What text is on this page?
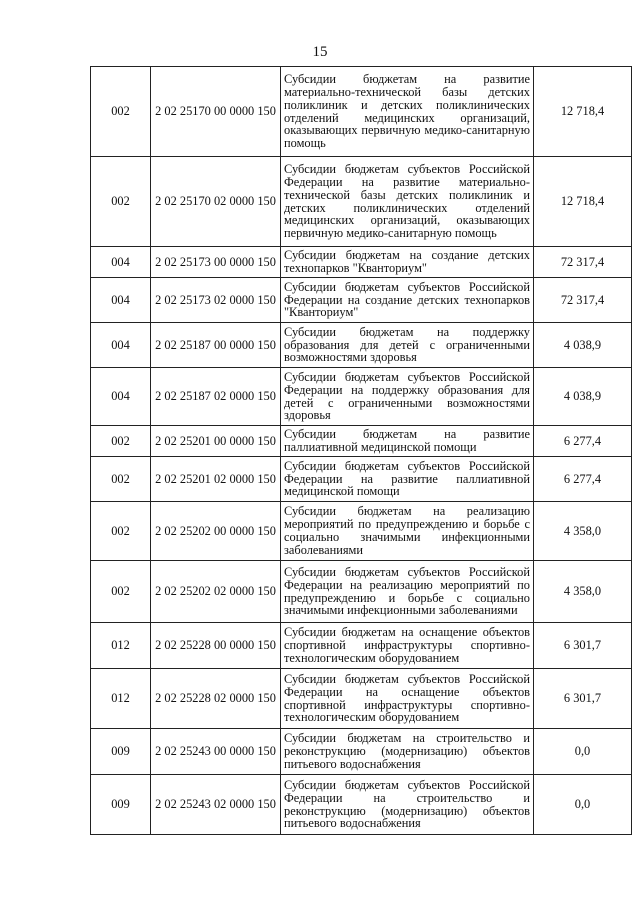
15
002	2 02 25170 00 0000 150	Субсидии бюджетам на развитие материально-технической базы детских поликлиник и детских поликлинических отделений медицинских организаций, оказывающих первичную медико-санитарную помощь	12 718,4
002	2 02 25170 02 0000 150	Субсидии бюджетам субъектов Российской Федерации на развитие материально-технической базы детских поликлиник и детских поликлинических отделений медицинских организаций, оказывающих первичную медико-санитарную помощь	12 718,4
004	2 02 25173 00 0000 150	Субсидии бюджетам на создание детских технопарков "Кванториум"	72 317,4
004	2 02 25173 02 0000 150	Субсидии бюджетам субъектов Российской Федерации на создание детских технопарков "Кванториум"	72 317,4
004	2 02 25187 00 0000 150	Субсидии бюджетам на поддержку образования для детей с ограниченными возможностями здоровья	4 038,9
004	2 02 25187 02 0000 150	Субсидии бюджетам субъектов Российской Федерации на поддержку образования для детей с ограниченными возможностями здоровья	4 038,9
002	2 02 25201 00 0000 150	Субсидии бюджетам на развитие паллиативной медицинской помощи	6 277,4
002	2 02 25201 02 0000 150	Субсидии бюджетам субъектов Российской Федерации на развитие паллиативной медицинской помощи	6 277,4
002	2 02 25202 00 0000 150	Субсидии бюджетам на реализацию мероприятий по предупреждению и борьбе с социально значимыми инфекционными заболеваниями	4 358,0
002	2 02 25202 02 0000 150	Субсидии бюджетам субъектов Российской Федерации на реализацию мероприятий по предупреждению и борьбе с социально значимыми инфекционными заболеваниями	4 358,0
012	2 02 25228 00 0000 150	Субсидии бюджетам на оснащение объектов спортивной инфраструктуры спортивно-технологическим оборудованием	6 301,7
012	2 02 25228 02 0000 150	Субсидии бюджетам субъектов Российской Федерации на оснащение объектов спортивной инфраструктуры спортивно-технологическим оборудованием	6 301,7
009	2 02 25243 00 0000 150	Субсидии бюджетам на строительство и реконструкцию (модернизацию) объектов питьевого водоснабжения	0,0
009	2 02 25243 02 0000 150	Субсидии бюджетам субъектов Российской Федерации на строительство и реконструкцию (модернизацию) объектов питьевого водоснабжения	0,0
